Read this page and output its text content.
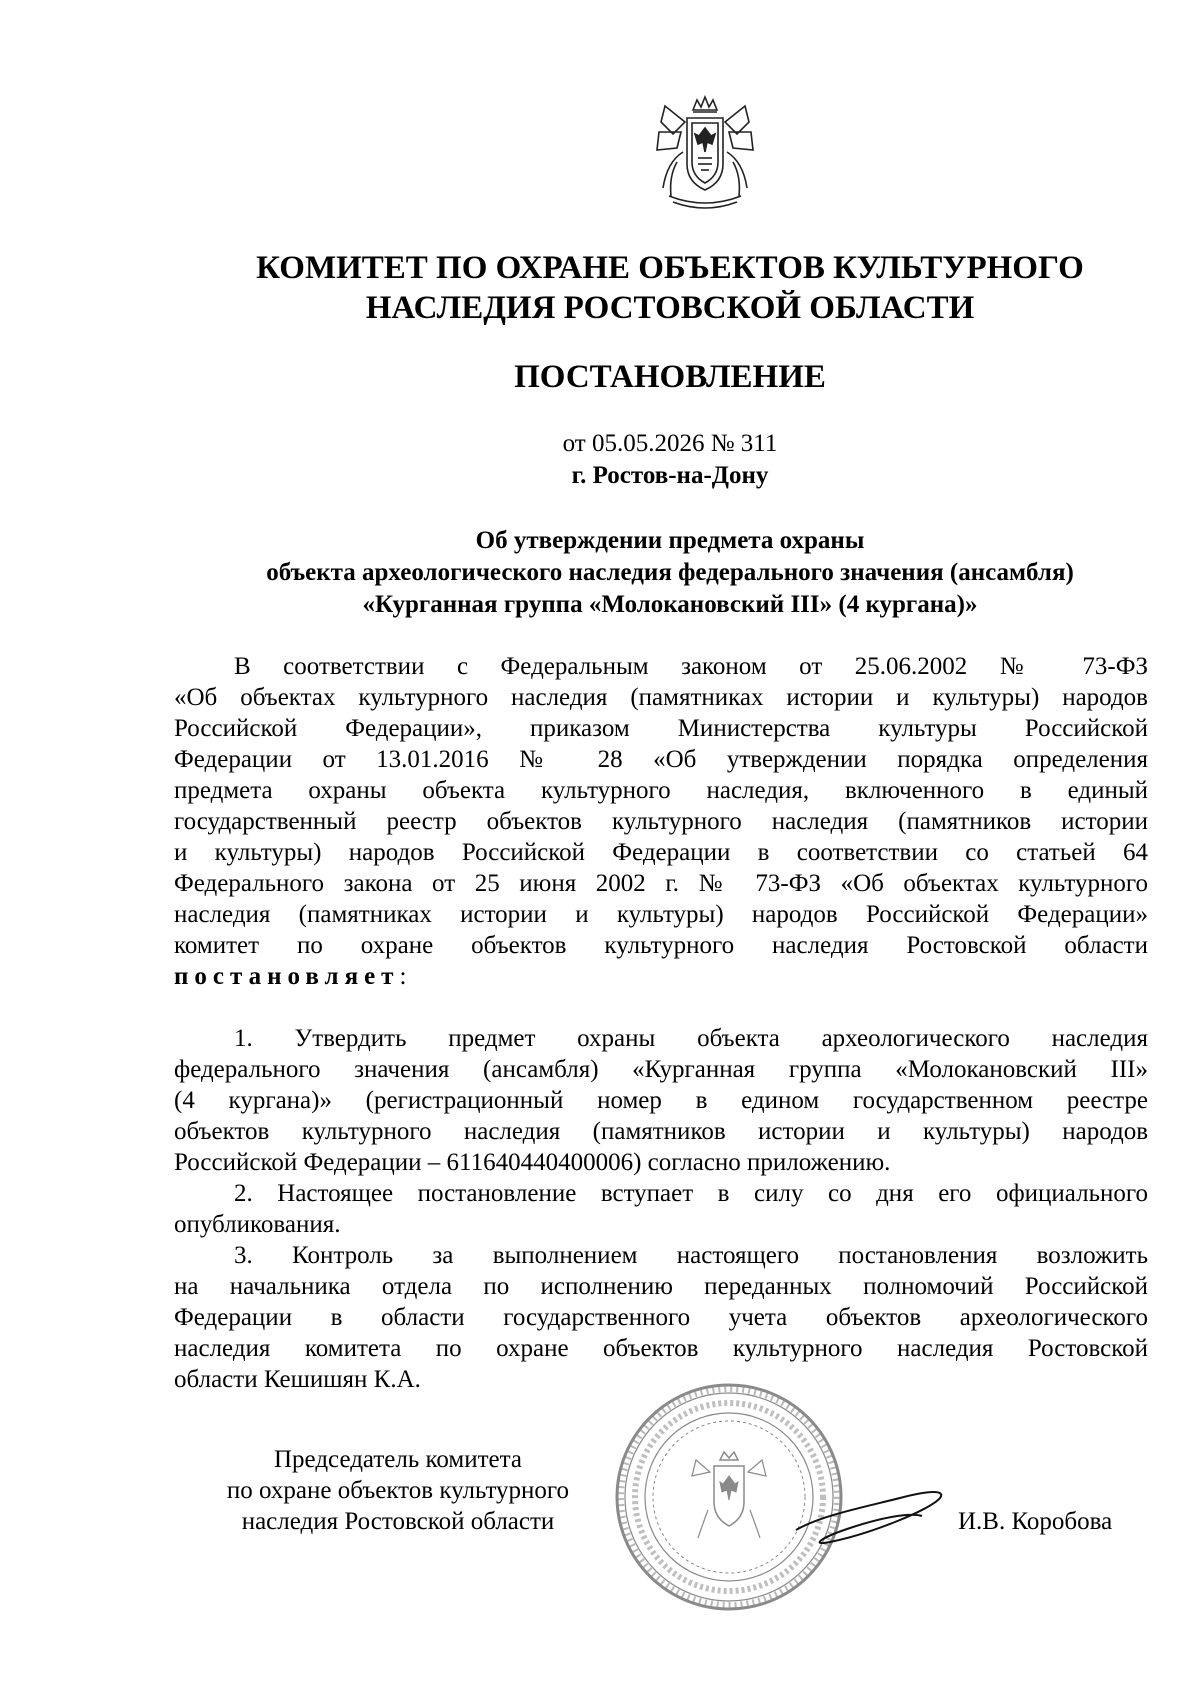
КОМИТЕТ ПО ОХРАНЕ ОБЪЕКТОВ КУЛЬТУРНОГО
НАСЛЕДИЯ РОСТОВСКОЙ ОБЛАСТИ
ПОСТАНОВЛЕНИЕ
от 05.05.2026 № 311
г. Ростов-на-Дону
Об утверждении предмета охраны
объекта археологического наследия федерального значения (ансамбля)
«Курганная группа «Молокановский III» (4 кургана)»
В соответствии с Федеральным законом от 25.06.2002 № 73-ФЗ
«Об объектах культурного наследия (памятниках истории и культуры) народов
Российской Федерации», приказом Министерства культуры Российской
Федерации от 13.01.2016 № 28 «Об утверждении порядка определения
предмета охраны объекта культурного наследия, включенного в единый
государственный реестр объектов культурного наследия (памятников истории
и культуры) народов Российской Федерации в соответствии со статьей 64
Федерального закона от 25 июня 2002 г. № 73-ФЗ «Об объектах культурного
наследия (памятниках истории и культуры) народов Российской Федерации»
комитет по охране объектов культурного наследия Ростовской области
постановляет:
1. Утвердить предмет охраны объекта археологического наследия
федерального значения (ансамбля) «Курганная группа «Молокановский III»
(4 кургана)» (регистрационный номер в едином государственном реестре
объектов культурного наследия (памятников истории и культуры) народов
Российской Федерации – 611640440400006) согласно приложению.
2. Настоящее постановление вступает в силу со дня его официального
опубликования.
3. Контроль за выполнением настоящего постановления возложить
на начальника отдела по исполнению переданных полномочий Российской
Федерации в области государственного учета объектов археологического
наследия комитета по охране объектов культурного наследия Ростовской
области Кешишян К.А.
Председатель комитета
по охране объектов культурного
наследия Ростовской области	И.В. Коробова
